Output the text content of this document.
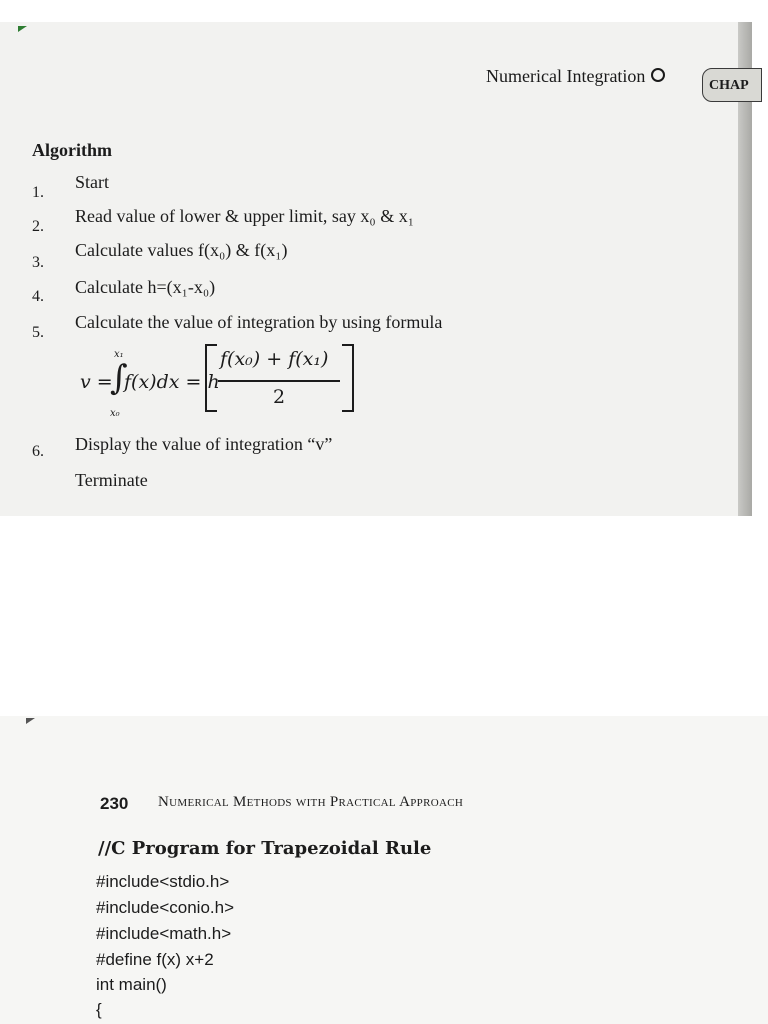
Numerical Integration	CHAP
Algorithm
1.
Start
2.
Read value of lower & upper limit, say x₀ & x₁
3.
Calculate values f(x₀) & f(x₁)
4. Calculate h=(x₁-x₀)
5.
Calculate the value of integration by using formula
v =
x₁
∫
x₀
f(x)dx = h
f(x₀) + f(x₁)
2
6. Display the value of integration “v”
Terminate
230 Numerical Methods with Practical Approach
//C Program for Trapezoidal Rule
#include<stdio.h>
#include<conio.h>
#include<math.h>
#define f(x) x+2
int main()
{
